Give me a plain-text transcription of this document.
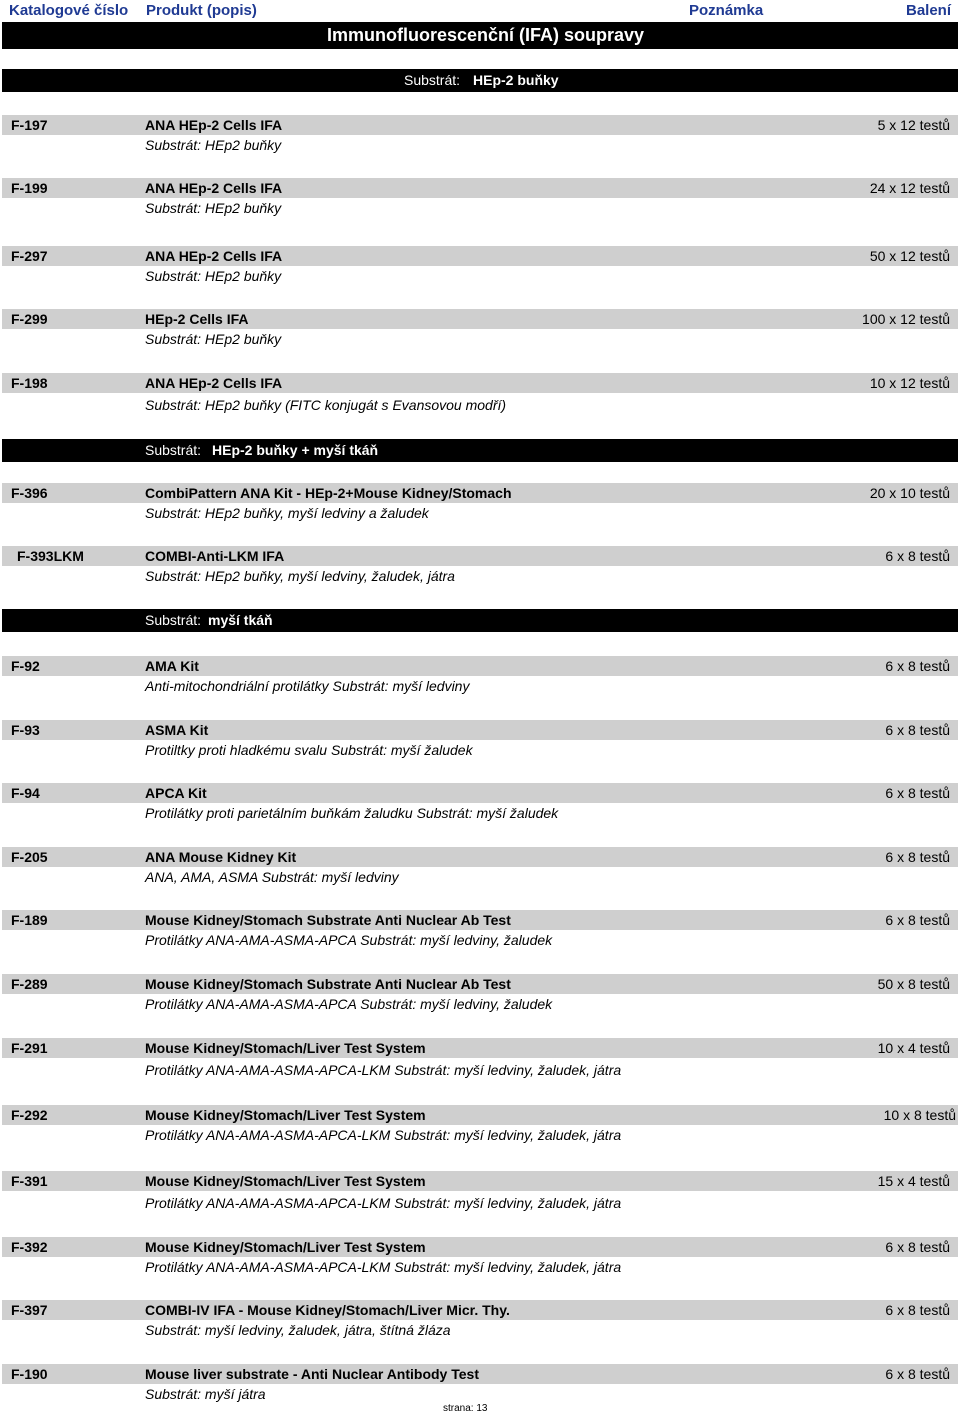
Katalogové číslo Produkt (popis)	Poznámka	Balení
Immunofluorescenční (IFA) soupravy
Substrát: HEp-2 buňky
F-197	ANA HEp-2 Cells IFA	5 x 12 testů
Substrát: HEp2 buňky
F-199	ANA HEp-2 Cells IFA	24 x 12 testů
Substrát: HEp2 buňky
F-297	ANA HEp-2 Cells IFA	50 x 12 testů
Substrát: HEp2 buňky
F-299	HEp-2 Cells IFA	100 x 12 testů
Substrát: HEp2 buňky
F-198	ANA HEp-2 Cells IFA	10 x 12 testů
Substrát: HEp2 buňky (FITC konjugát s Evansovou modří)
Substrát: HEp-2 buňky + myší tkáň
F-396	CombiPattern ANA Kit - HEp-2+Mouse Kidney/Stomach	20 x 10 testů
Substrát: HEp2 buňky, myší ledviny a žaludek
F-393LKM	COMBI-Anti-LKM IFA	6 x 8 testů
Substrát: HEp2 buňky, myší ledviny, žaludek, játra
Substrát: myší tkáň
F-92	AMA Kit	6 x 8 testů
Anti-mitochondriální protilátky Substrát: myší ledviny
F-93	ASMA Kit	6 x 8 testů
Protiltky proti hladkému svalu Substrát: myší žaludek
F-94	APCA Kit	6 x 8 testů
Protilátky proti parietálním buňkám žaludku Substrát: myší žaludek
F-205	ANA Mouse Kidney Kit	6 x 8 testů
ANA, AMA, ASMA Substrát: myší ledviny
F-189	Mouse Kidney/Stomach Substrate Anti Nuclear Ab Test	6 x 8 testů
Protilátky ANA-AMA-ASMA-APCA Substrát: myší ledviny, žaludek
F-289	Mouse Kidney/Stomach Substrate Anti Nuclear Ab Test	50 x 8 testů
Protilátky ANA-AMA-ASMA-APCA Substrát: myší ledviny, žaludek
F-291	Mouse Kidney/Stomach/Liver Test System	10 x 4 testů
Protilátky ANA-AMA-ASMA-APCA-LKM Substrát: myší ledviny, žaludek, játra
F-292	Mouse Kidney/Stomach/Liver Test System	10 x 8 testů
Protilátky ANA-AMA-ASMA-APCA-LKM Substrát: myší ledviny, žaludek, játra
F-391	Mouse Kidney/Stomach/Liver Test System	15 x 4 testů
Protilátky ANA-AMA-ASMA-APCA-LKM Substrát: myší ledviny, žaludek, játra
F-392	Mouse Kidney/Stomach/Liver Test System	6 x 8 testů
Protilátky ANA-AMA-ASMA-APCA-LKM Substrát: myší ledviny, žaludek, játra
F-397	COMBI-IV IFA - Mouse Kidney/Stomach/Liver Micr. Thy.	6 x 8 testů
Substrát: myší ledviny, žaludek, játra, štítná žláza
F-190	Mouse liver substrate - Anti Nuclear Antibody Test	6 x 8 testů
Substrát: myší játra
strana: 13
